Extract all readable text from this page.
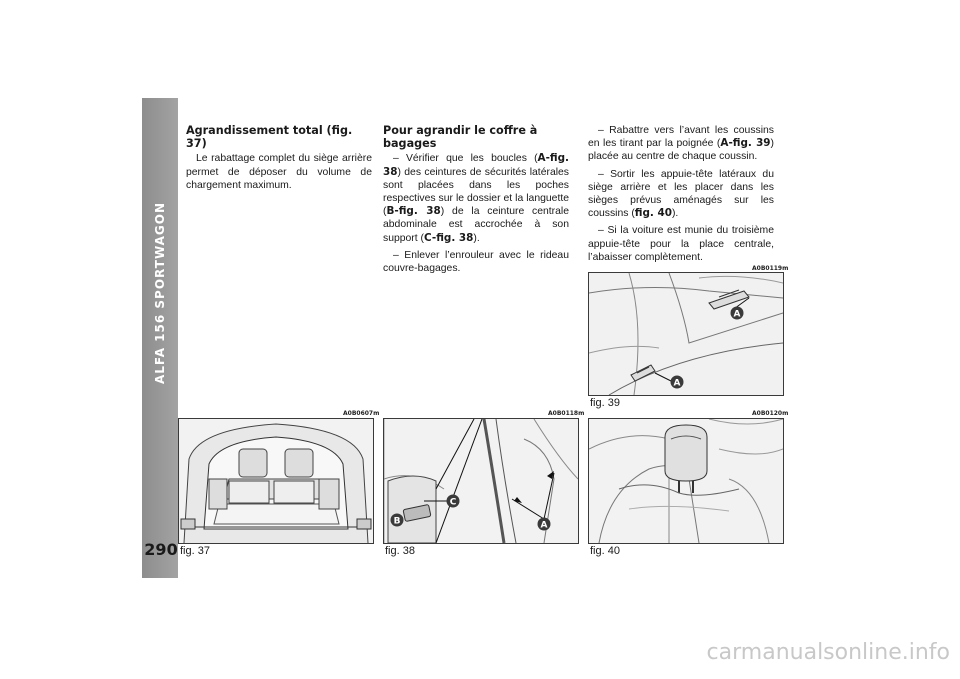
ALFA 156 SPORTWAGON
290
Agrandissement total (fig. 37)

Le rabattage complet du siège arrière permet de déposer du volume de chargement maximum.

Pour agrandir le coffre à bagages

– Vérifier que les boucles (A-fig. 38) des ceintures de sécurités latérales sont placées dans les poches respectives sur le dossier et la languette (B-fig. 38) de la ceinture centrale abdominale est accrochée à son support (C-fig. 38).

– Enlever l’enrouleur avec le rideau couvre-bagages.

– Rabattre vers l’avant les coussins en les tirant par la poignée (A-fig. 39) placée au centre de chaque coussin.

– Sortir les appuie-tête latéraux du siège arrière et les placer dans les sièges prévus aménagés sur les coussins (fig. 40).

– Si la voiture est munie du troisième appuie-tête pour la place centrale, l’abaisser complètement.

A0B0119m
A
A
fig. 39
A0B0607m
fig. 37
A0B0118m
C
B	A
fig. 38
A0B0120m
fig. 40
carmanualsonline.info
